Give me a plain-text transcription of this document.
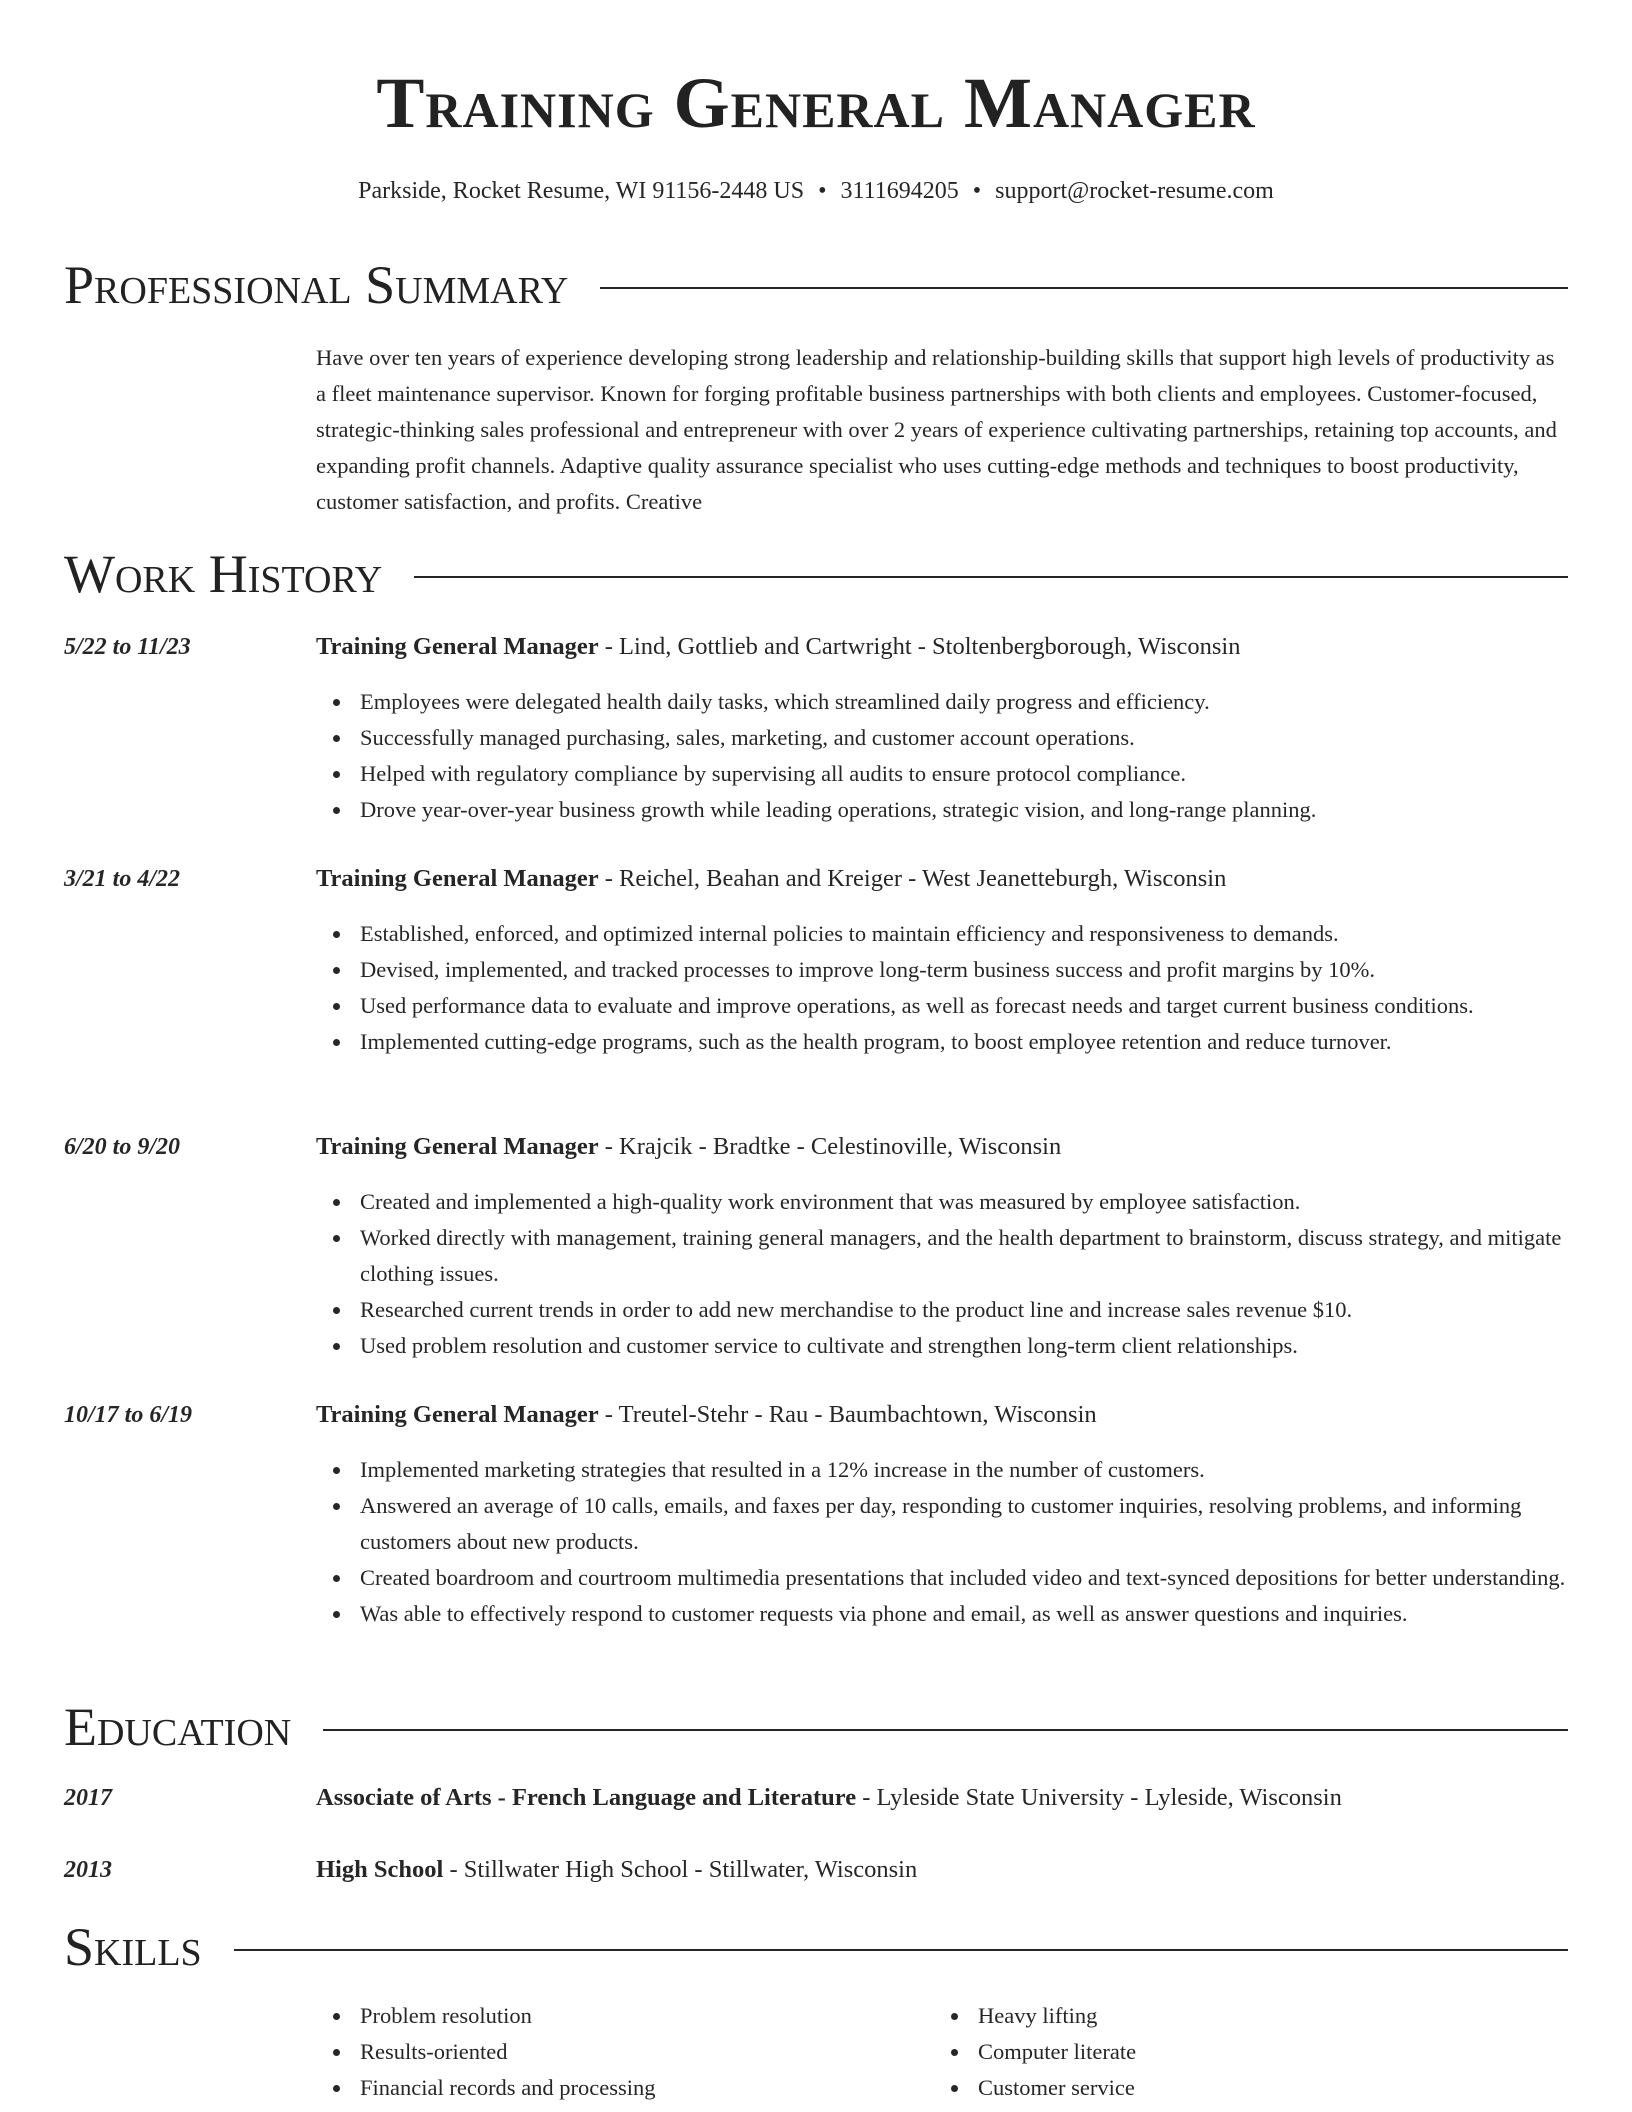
Training General Manager
Parkside, Rocket Resume, WI 91156-2448 US • 3111694205 • support@rocket-resume.com
Professional Summary

Have over ten years of experience developing strong leadership and relationship-building skills that support high levels of productivity as a fleet maintenance supervisor. Known for forging profitable business partnerships with both clients and employees. Customer-focused, strategic-thinking sales professional and entrepreneur with over 2 years of experience cultivating partnerships, retaining top accounts, and expanding profit channels. Adaptive quality assurance specialist who uses cutting-edge methods and techniques to boost productivity, customer satisfaction, and profits. Creative

Work History
5/22 to 11/23	Training General Manager - Lind, Gottlieb and Cartwright - Stoltenbergborough, Wisconsin
Employees were delegated health daily tasks, which streamlined daily progress and efficiency.
Successfully managed purchasing, sales, marketing, and customer account operations.
Helped with regulatory compliance by supervising all audits to ensure protocol compliance.
Drove year-over-year business growth while leading operations, strategic vision, and long-range planning.
3/21 to 4/22	Training General Manager - Reichel, Beahan and Kreiger - West Jeanetteburgh, Wisconsin
Established, enforced, and optimized internal policies to maintain efficiency and responsiveness to demands.
Devised, implemented, and tracked processes to improve long-term business success and profit margins by 10%.
Used performance data to evaluate and improve operations, as well as forecast needs and target current business conditions.
Implemented cutting-edge programs, such as the health program, to boost employee retention and reduce turnover.
6/20 to 9/20	Training General Manager - Krajcik - Bradtke - Celestinoville, Wisconsin
Created and implemented a high-quality work environment that was measured by employee satisfaction.
Worked directly with management, training general managers, and the health department to brainstorm, discuss strategy, and mitigate clothing issues.
Researched current trends in order to add new merchandise to the product line and increase sales revenue $10.
Used problem resolution and customer service to cultivate and strengthen long-term client relationships.
10/17 to 6/19	Training General Manager - Treutel-Stehr - Rau - Baumbachtown, Wisconsin
Implemented marketing strategies that resulted in a 12% increase in the number of customers.
Answered an average of 10 calls, emails, and faxes per day, responding to customer inquiries, resolving problems, and informing customers about new products.
Created boardroom and courtroom multimedia presentations that included video and text-synced depositions for better understanding.
Was able to effectively respond to customer requests via phone and email, as well as answer questions and inquiries.
Education
2017	Associate of Arts - French Language and Literature - Lyleside State University - Lyleside, Wisconsin
2013	High School - Stillwater High School - Stillwater, Wisconsin
Skills
Problem resolution
Results-oriented
Financial records and processing
Heavy lifting
Computer literate
Customer service
